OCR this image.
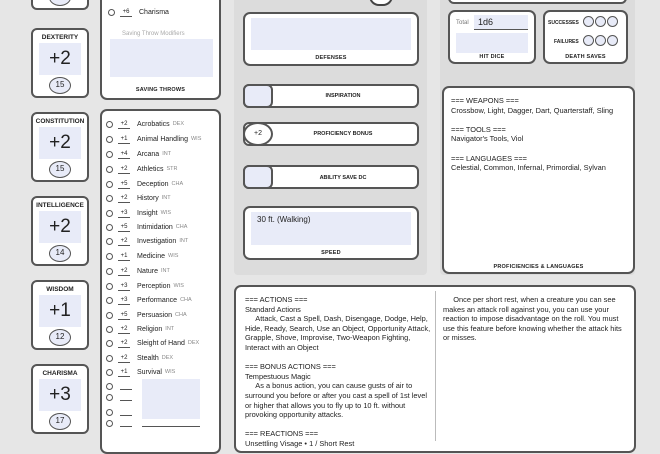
DEXTERITY
+2
15
CONSTITUTION
+2
15
INTELLIGENCE
+2
14
WISDOM
+1
12
CHARISMA
+3
17
+6	Charisma
Saving Throw Modifiers
SAVING THROWS
+2	Acrobatics DEX
+1	Animal Handling WIS
+4	Arcana INT
+2	Athletics STR
+5	Deception CHA
+2	History INT
+3	Insight WIS
+5	Intimidation CHA
+2	Investigation INT
+1	Medicine WIS
+2	Nature INT
+3	Perception WIS
+3	Performance CHA
+5	Persuasion CHA
+2	Religion INT
+2	Sleight of Hand DEX
+2	Stealth DEX
+1	Survival WIS
DEFENSES
INSPIRATION
+2	PROFICIENCY BONUS
ABILITY SAVE DC
30 ft. (Walking)
SPEED
Total	1d6
HIT DICE
SUCCESSES
FAILURES
DEATH SAVES
=== WEAPONS ===
Crossbow, Light, Dagger, Dart, Quarterstaff, Sling

=== TOOLS ===
Navigator's Tools, Viol

=== LANGUAGES ===
Celestial, Common, Infernal, Primordial, Sylvan
PROFICIENCIES & LANGUAGES
=== ACTIONS ===
Standard Actions
Attack, Cast a Spell, Dash, Disengage, Dodge, Help, Hide, Ready, Search, Use an Object, Opportunity Attack, Grapple, Shove, Improvise, Two-Weapon Fighting, Interact with an Object

=== BONUS ACTIONS ===
Tempestuous Magic
As a bonus action, you can cause gusts of air to surround you before or after you cast a spell of 1st level or higher that allows you to fly up to 10 ft. without provoking opportunity attacks.

=== REACTIONS ===
Unsettling Visage • 1 / Short Rest
Once per short rest, when a creature you can see makes an attack roll against you, you can use your reaction to impose disadvantage on the roll. You must use this feature before knowing whether the attack hits or misses.
